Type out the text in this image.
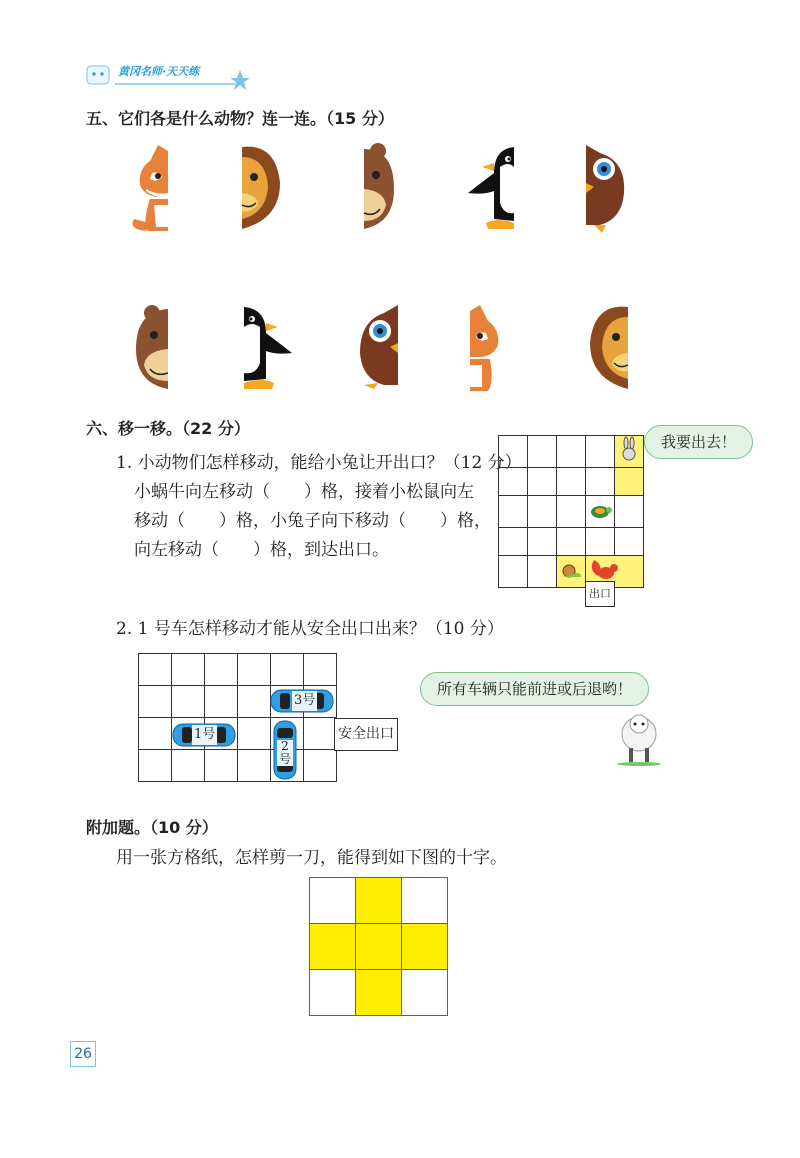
黄冈名师·天天练
五、它们各是什么动物？连一连。（15 分）
六、移一移。（22 分）
1. 小动物们怎样移动，能给小兔让开出口？（12 分）
小蜗牛向左移动（　　）格，接着小松鼠向左
移动（　　）格，小兔子向下移动（　　）格，
向左移动（　　）格，到达出口。

出口
我要出去！
2. 1 号车怎样移动才能从安全出口出来？（10 分）

安全出口
1号
3号
2号
所有车辆只能前进或后退哟！
附加题。（10 分）
用一张方格纸，怎样剪一刀，能得到如下图的十字。

26
